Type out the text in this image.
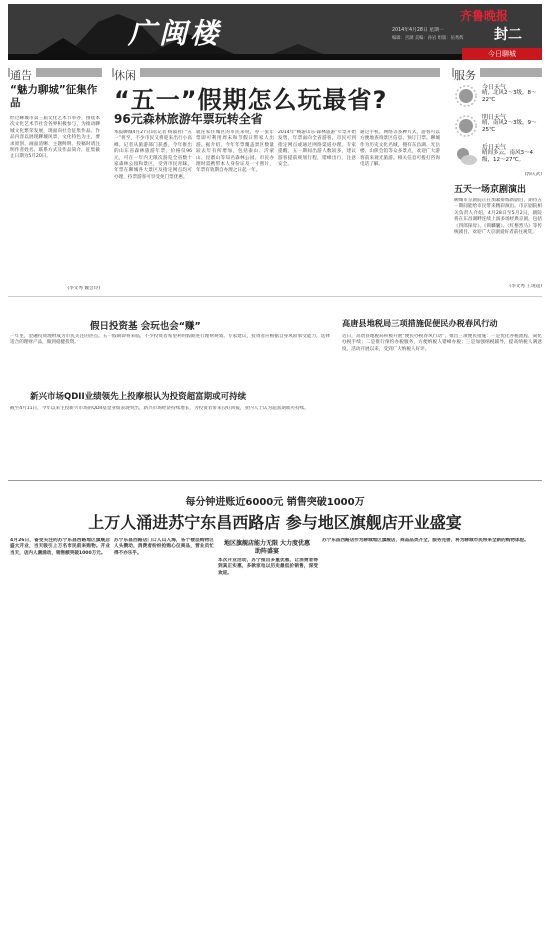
广闽楼
齐鲁晚报
2014年4月28日 星期一
编辑：宫湖 美编：孙岩 组版：伍秀辉 封二
今日聊城
通告
“魅力聊城”征集作品
经过聊城市第三届文化艺术节举办，围绕本次文化艺术节社会各界积极参与，为推动聊城文化繁荣发展，现面向社会征集作品。作品内容以展现聊城风景、文化特色为主，要求原创、画面清晰、主题鲜明。投稿时请注明作者姓名、联系方式及作品简介，征集截止日期为5月20日。
(李文秀 魏会玲)
休闲
“五一”假期怎么玩最省?
96元森林旅游年票玩转全省
本报聊城4月27日讯(记者 杨淑君) “五一”将至，不少市民又将迎来出行小高峰。记者从旅游部门获悉，今年推出的山东省森林旅游年票，价格仅96元，可在一年内无限次游览全省数十家森林公园和景区，受到市民青睐。年票在聊城各大景区及指定网点均可办理，持票游客可享受免门票优惠。
就连家住城区的市民来说，办一张年票即可利用周末和节假日带家人出游。据介绍，今年年票覆盖景区数量较去年有所增加，包括泰山、沂蒙山、昆嵛山等知名森林公园。市民办理时需携带本人身份证及一寸照片，年票有效期自办理之日起一年。
2014年“畅游山东·森林旅游”年票开始发售，年票面向全省游客，市民可到指定网点或通过网络渠道办理。专家提醒，五一期间出游人数较多，建议游客提前规划行程，错峰出行，注意安全。
通过手机、网络等多种方式，游客可以方便地查询景区信息、预订门票。聊城作为历史文化名城，拥有东昌湖、光岳楼、山陕会馆等众多景点，欢迎广大游客前来观光旅游。相关信息可拨打咨询电话了解。
服务
今日天气
晴，北风2～3级，8～22℃
明日天气
晴，南风2～3级，9～25℃
后日天气
晴间多云，南风3～4级，12～27℃。
(郭庆武)
五天一场京剧演出
聊城市京剧院正在加紧排练新剧目，期待五一期间能给市民带来精彩演出。市京剧院相关负责人介绍，4月28日至5月2日，剧院将在东昌湖畔连续上演多场经典京剧，包括《四郎探母》、《锁麟囊》、《红鬃烈马》等传统剧目，欢迎广大京剧爱好者前往观赏。
(李文秀 王现超)
假日投资基 会玩也会“赚”
一年里，金融投资理财成为市民关注的热点。五一假期即将来临，不少投资者希望利用假期进行理财规划。专家建议，投资者应根据自身风险承受能力，选择适合的理财产品，做到稳健投资。
新兴市场QDII业绩领先上投摩根认为投资超富期或可持续
截至4月11日，今年以来主投新兴市场的QDII基金业绩表现突出，新兴市场经济持续增长，为投资者带来良好回报，业内人士认为超富期或可持续。
高唐县地税局三项措施促便民办税春风行动
近日，高唐县地税局积极开展“便民办税春风行动”，推出三项便民措施：一是优化办税流程，简化办税手续；二是推行预约办税服务，方便纳税人错峰办税；三是加强纳税辅导，提高纳税人满意度。活动开展以来，受到广大纳税人好评。
每分钟进账近6000元 销售突破1000万
上万人涌进苏宁东昌西路店 参与地区旗舰店开业盛宴
4月26日，备受关注的苏宁东昌西路地区旗舰店盛大开业，当天吸引上万名市民前来购物。开业当天，店内人潮涌动，销售额突破1000万元。
苏宁东昌西路店门口人山人海，各个楼层购物区人头攒动，消费者纷纷抢购心仪商品，营业员忙得不亦乐乎。
地区旗舰店能力无限 大力度优惠助阵盛宴
本次开业活动，苏宁推出多重优惠，让消费者得到真正实惠，多款家电以历史最低价销售，深受欢迎。
苏宁东昌西路店作为聊城地区旗舰店，商品品类齐全，服务完善，将为聊城市民带来全新的购物体验。
